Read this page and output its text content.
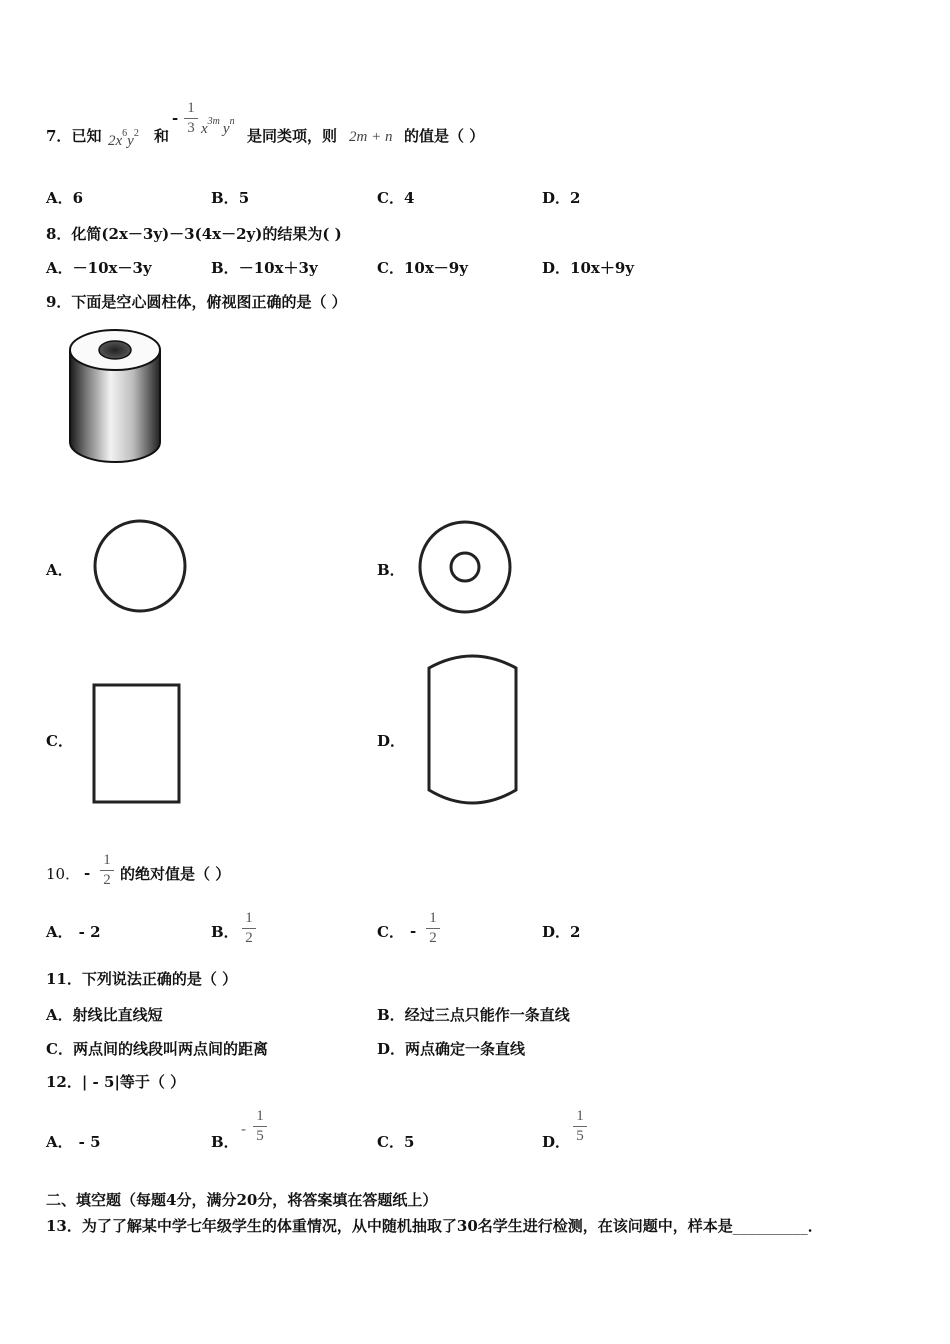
7．已知 $2x^6y^2$ 和
-
1
3 $x^{3m}$ $y^n$
是同类项，则 2m + n 的值是（ ）
A．6	B．5	C．4	D．2
8．化简(2x－3y)－3(4x－2y)的结果为( )
A．－10x－3y	B．－10x＋3y	C．10x－9y	D．10x＋9y
9．下面是空心圆柱体，俯视图正确的是（ ）
A．	B．
C．	D．
10． -
1
2 的绝对值是（ ）
A． - 2	B．
1
2	C． -
1
2	D．2
11．下列说法正确的是（ ）
A．射线比直线短	B．经过三点只能作一条直线
C．两点间的线段叫两点间的距离	D．两点确定一条直线
12．| - 5|等于（ ）
A． - 5	B．
-
1
5	C．5	D．
1
5
二、填空题（每题4分，满分20分，将答案填在答题纸上）
13．为了了解某中学七年级学生的体重情况，从中随机抽取了30名学生进行检测，在该问题中，样本是__________．
